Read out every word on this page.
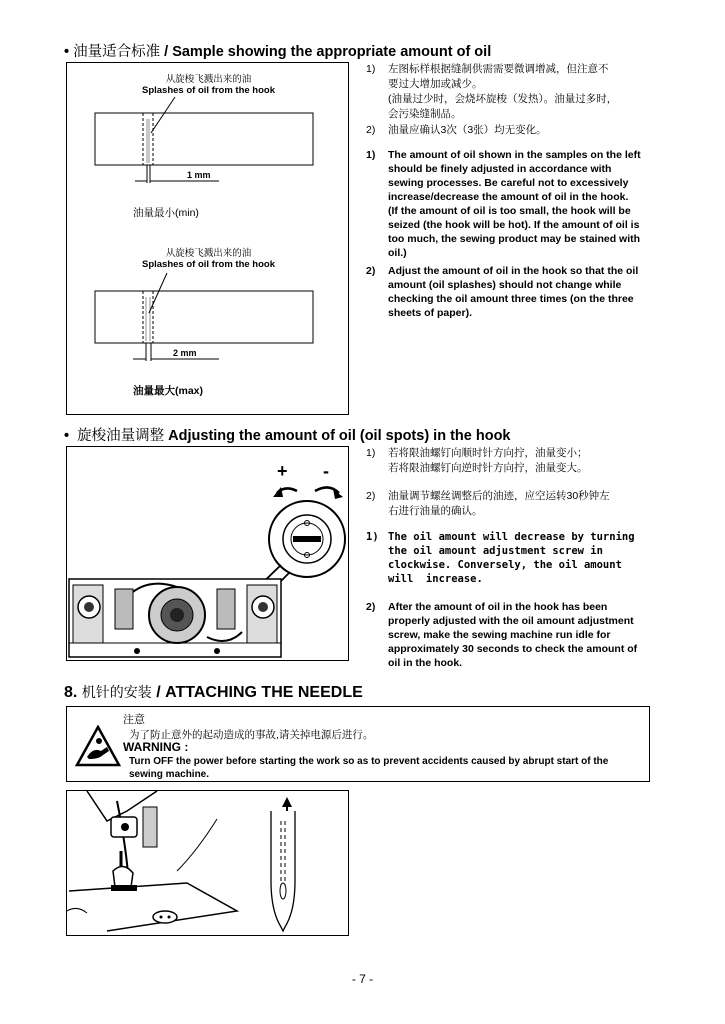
• 油量适合标准 / Sample showing the appropriate amount of oil
从旋梭飞溅出来的油
Splashes of oil from the hook
1 mm
油量最小(min)
从旋梭飞溅出来的油
Splashes of oil from the hook
2 mm
油量最大(max)
1) 左图标样根据缝制供需需要微调增减，但注意不
要过大增加或减少。
(油量过少时，会烧坏旋梭（发热）。油量过多时，
会污染缝制品。
2) 油量应确认3次（3张）均无变化。
1) The amount of oil shown in the samples on the left
should be finely adjusted in accordance with
sewing processes. Be careful not to excessively
increase/decrease the amount of oil in the hook.
(If the amount of oil is too small, the hook will be
seized (the hook will be hot). If the amount of oil is
too much, the sewing product may be stained with
oil.)
2) Adjust the amount of oil in the hook so that the oil
amount (oil splashes) should not change while
checking the oil amount three times (on the three
sheets of paper).
• 旋梭油量调整 Adjusting the amount of oil (oil spots) in the hook
+ -
1) 若将限油螺钉向顺时针方向拧，油量变小；
若将限油螺钉向逆时针方向拧，油量变大。
2) 油量调节螺丝调整后的油迹，应空运转30秒钟左
右进行油量的确认。
1) The oil amount will decrease by turning
the oil amount adjustment screw in
clockwise. Conversely, the oil amount
will  increase.
2) After the amount of oil in the hook has been
properly adjusted with the oil amount adjustment
screw, make the sewing machine run idle for
approximately 30 seconds to check the amount of
oil in the hook.
8. 机针的安装 / ATTACHING THE NEEDLE
注意
为了防止意外的起动造成的事故,请关掉电源后进行。
WARNING :
Turn OFF the power before starting the work so as to prevent accidents caused by abrupt start of the
sewing machine.
- 7 -
